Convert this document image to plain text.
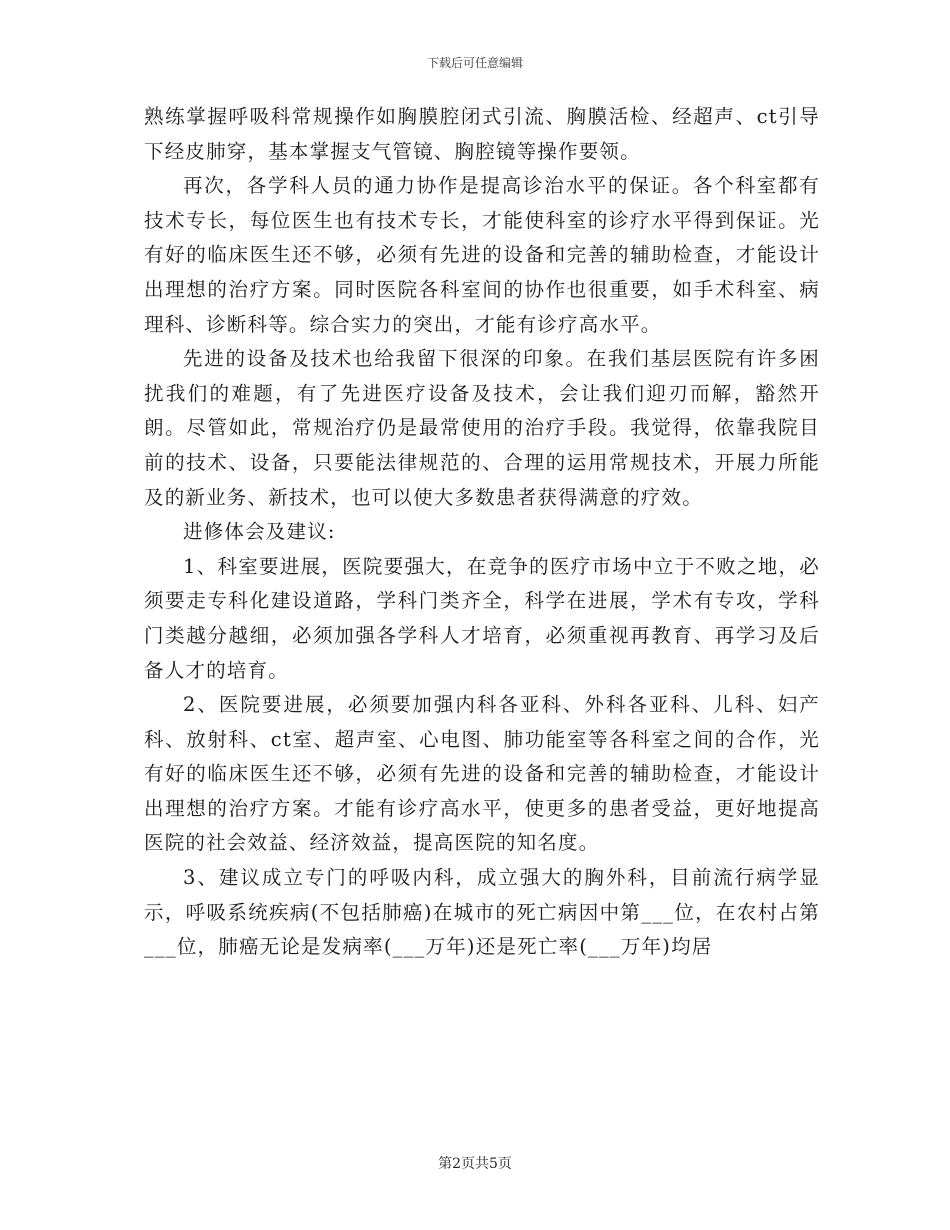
下载后可任意编辑

熟练掌握呼吸科常规操作如胸膜腔闭式引流、胸膜活检、经超声、ct引导下经皮肺穿，基本掌握支气管镜、胸腔镜等操作要领。

再次，各学科人员的通力协作是提高诊治水平的保证。各个科室都有技术专长，每位医生也有技术专长，才能使科室的诊疗水平得到保证。光有好的临床医生还不够，必须有先进的设备和完善的辅助检查，才能设计出理想的治疗方案。同时医院各科室间的协作也很重要，如手术科室、病理科、诊断科等。综合实力的突出，才能有诊疗高水平。

先进的设备及技术也给我留下很深的印象。在我们基层医院有许多困扰我们的难题，有了先进医疗设备及技术，会让我们迎刃而解，豁然开朗。尽管如此，常规治疗仍是最常使用的治疗手段。我觉得，依靠我院目前的技术、设备，只要能法律规范的、合理的运用常规技术，开展力所能及的新业务、新技术，也可以使大多数患者获得满意的疗效。

进修体会及建议:

1、科室要进展，医院要强大，在竞争的医疗市场中立于不败之地，必须要走专科化建设道路，学科门类齐全，科学在进展，学术有专攻，学科门类越分越细，必须加强各学科人才培育，必须重视再教育、再学习及后备人才的培育。

2、医院要进展，必须要加强内科各亚科、外科各亚科、儿科、妇产科、放射科、ct室、超声室、心电图、肺功能室等各科室之间的合作，光有好的临床医生还不够，必须有先进的设备和完善的辅助检查，才能设计出理想的治疗方案。才能有诊疗高水平，使更多的患者受益，更好地提高医院的社会效益、经济效益，提高医院的知名度。

3、建议成立专门的呼吸内科，成立强大的胸外科，目前流行病学显示，呼吸系统疾病(不包括肺癌)在城市的死亡病因中第___位，在农村占第___位，肺癌无论是发病率(___万年)还是死亡率(___万年)均居

第2页共5页
